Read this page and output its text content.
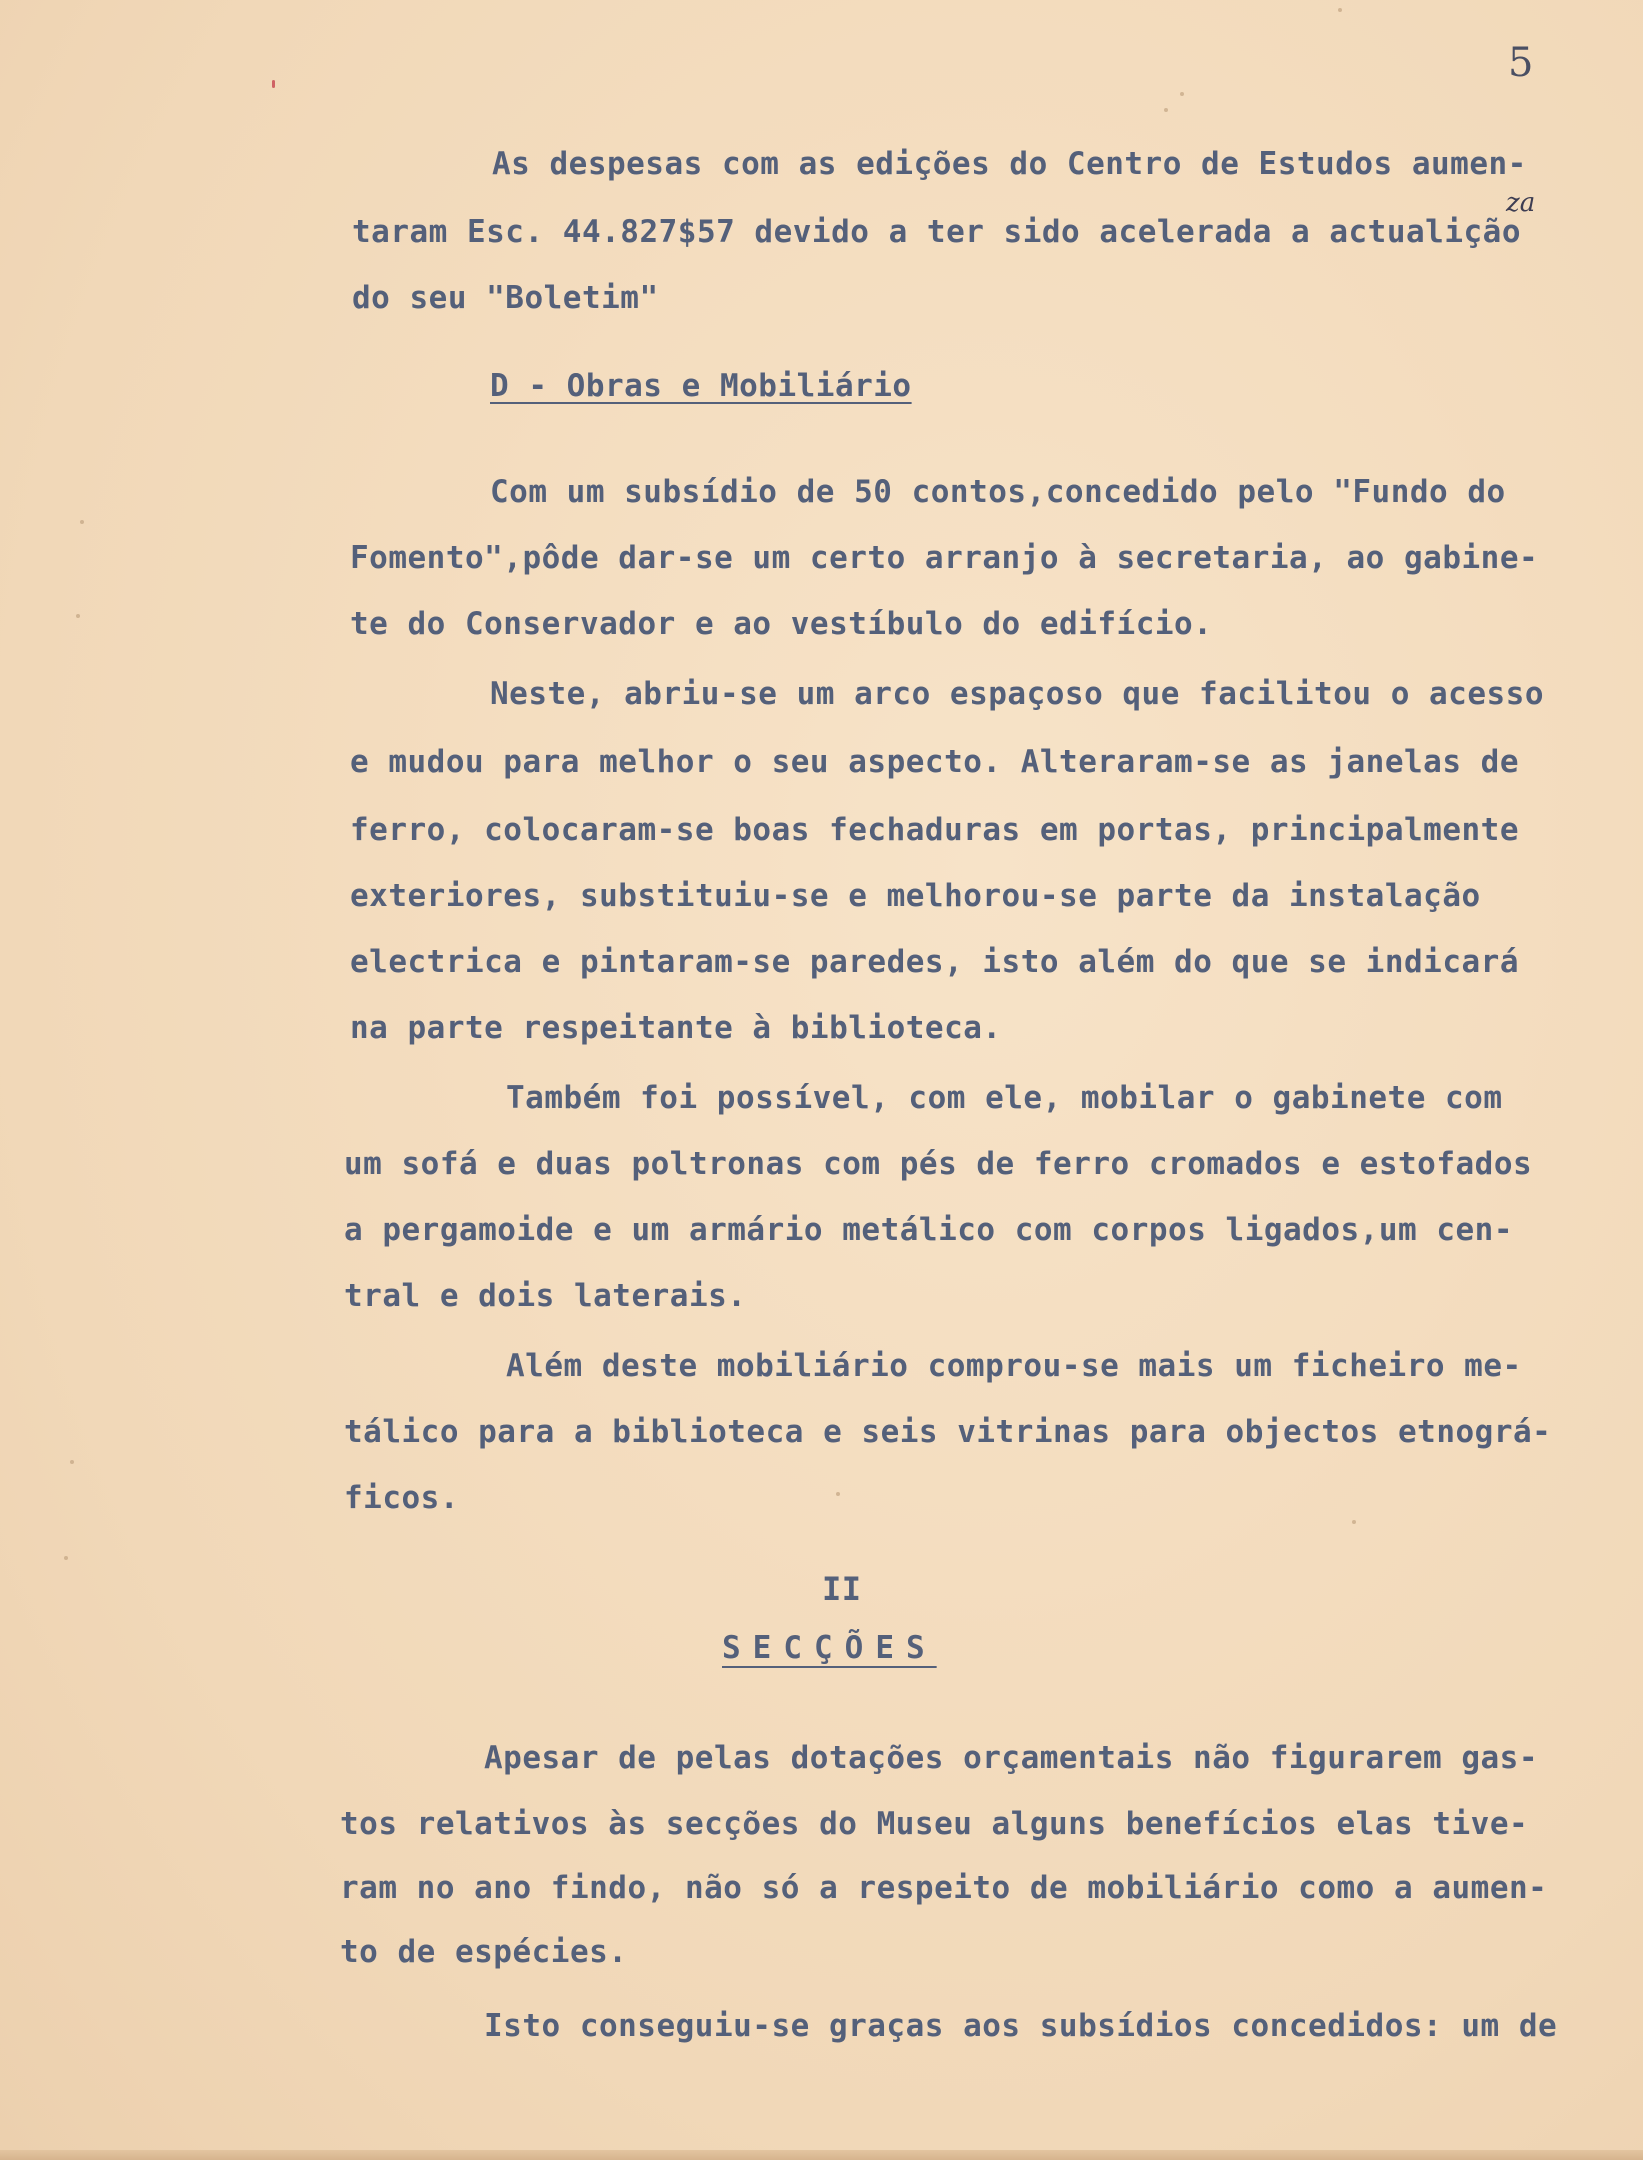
5
za
As despesas com as edições do Centro de Estudos aumen-
taram Esc. 44.827$57 devido a ter sido acelerada a actualição
do seu "Boletim"
D - Obras e Mobiliário
Com um subsídio de 50 contos,concedido pelo "Fundo do
Fomento",pôde dar-se um certo arranjo à secretaria, ao gabine-
te do Conservador e ao vestíbulo do edifício.
Neste, abriu-se um arco espaçoso que facilitou o acesso
e mudou para melhor o seu aspecto. Alteraram-se as janelas de
ferro, colocaram-se boas fechaduras em portas, principalmente
exteriores, substituiu-se e melhorou-se parte da instalação
electrica e pintaram-se paredes, isto além do que se indicará
na parte respeitante à biblioteca.
Também foi possível, com ele, mobilar o gabinete com
um sofá e duas poltronas com pés de ferro cromados e estofados
a pergamoide e um armário metálico com corpos ligados,um cen-
tral e dois laterais.
Além deste mobiliário comprou-se mais um ficheiro me-
tálico para a biblioteca e seis vitrinas para objectos etnográ-
ficos.
II
SECÇÕES
Apesar de pelas dotações orçamentais não figurarem gas-
tos relativos às secções do Museu alguns benefícios elas tive-
ram no ano findo, não só a respeito de mobiliário como a aumen-
to de espécies.
Isto conseguiu-se graças aos subsídios concedidos: um de
